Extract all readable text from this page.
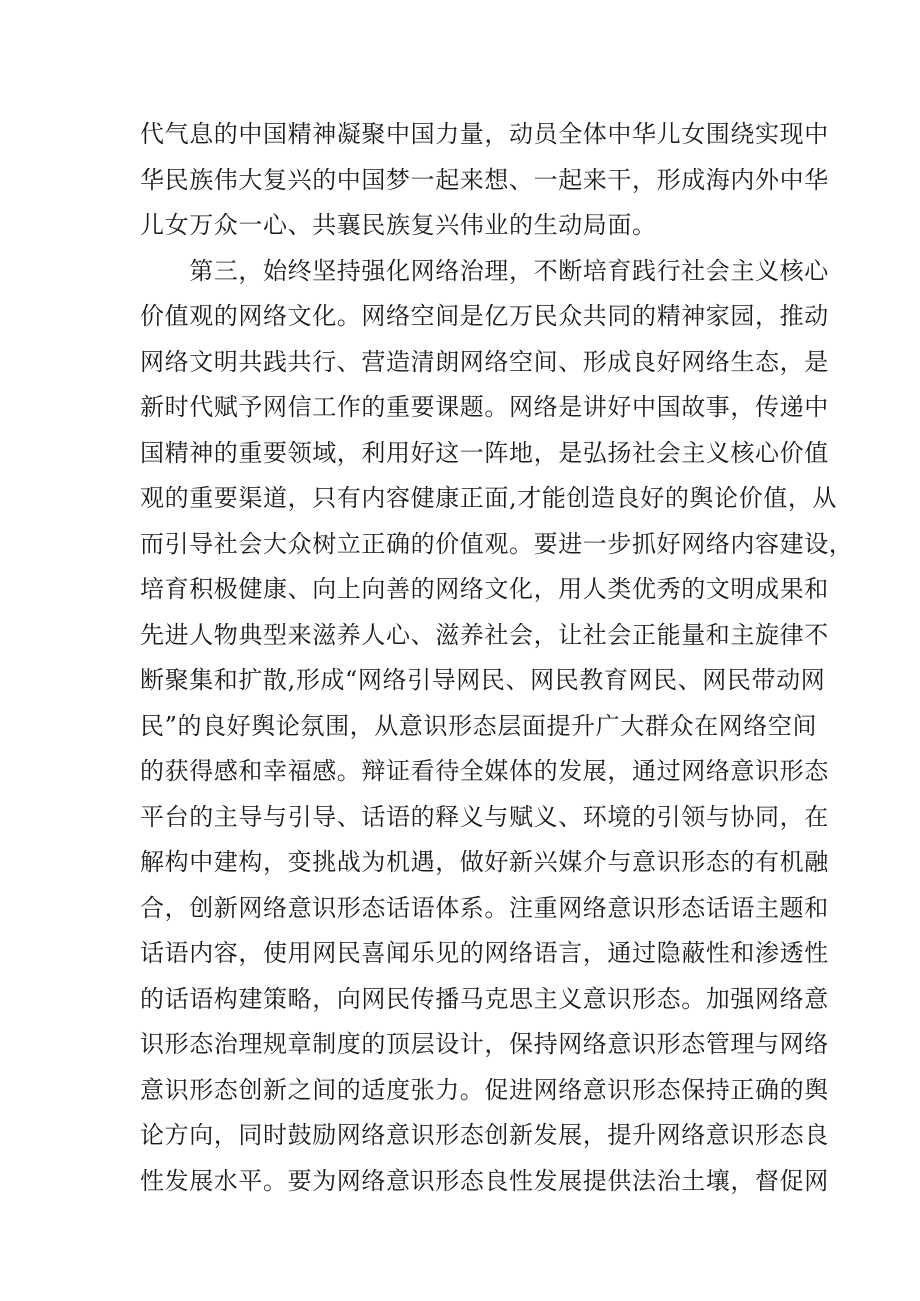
代气息的中国精神凝聚中国力量，动员全体中华儿女围绕实现中
华民族伟大复兴的中国梦一起来想、一起来干，形成海内外中华
儿女万众一心、共襄民族复兴伟业的生动局面。
　　第三，始终坚持强化网络治理，不断培育践行社会主义核心
价值观的网络文化。网络空间是亿万民众共同的精神家园，推动
网络文明共践共行、营造清朗网络空间、形成良好网络生态，是
新时代赋予网信工作的重要课题。网络是讲好中国故事，传递中
国精神的重要领域，利用好这一阵地，是弘扬社会主义核心价值
观的重要渠道，只有内容健康正面,才能创造良好的舆论价值，从
而引导社会大众树立正确的价值观。要进一步抓好网络内容建设，
培育积极健康、向上向善的网络文化，用人类优秀的文明成果和
先进人物典型来滋养人心、滋养社会，让社会正能量和主旋律不
断聚集和扩散,形成“网络引导网民、网民教育网民、网民带动网
民”的良好舆论氛围，从意识形态层面提升广大群众在网络空间
的获得感和幸福感。辩证看待全媒体的发展，通过网络意识形态
平台的主导与引导、话语的释义与赋义、环境的引领与协同，在
解构中建构，变挑战为机遇，做好新兴媒介与意识形态的有机融
合，创新网络意识形态话语体系。注重网络意识形态话语主题和
话语内容，使用网民喜闻乐见的网络语言，通过隐蔽性和渗透性
的话语构建策略，向网民传播马克思主义意识形态。加强网络意
识形态治理规章制度的顶层设计，保持网络意识形态管理与网络
意识形态创新之间的适度张力。促进网络意识形态保持正确的舆
论方向，同时鼓励网络意识形态创新发展，提升网络意识形态良
性发展水平。要为网络意识形态良性发展提供法治土壤，督促网
